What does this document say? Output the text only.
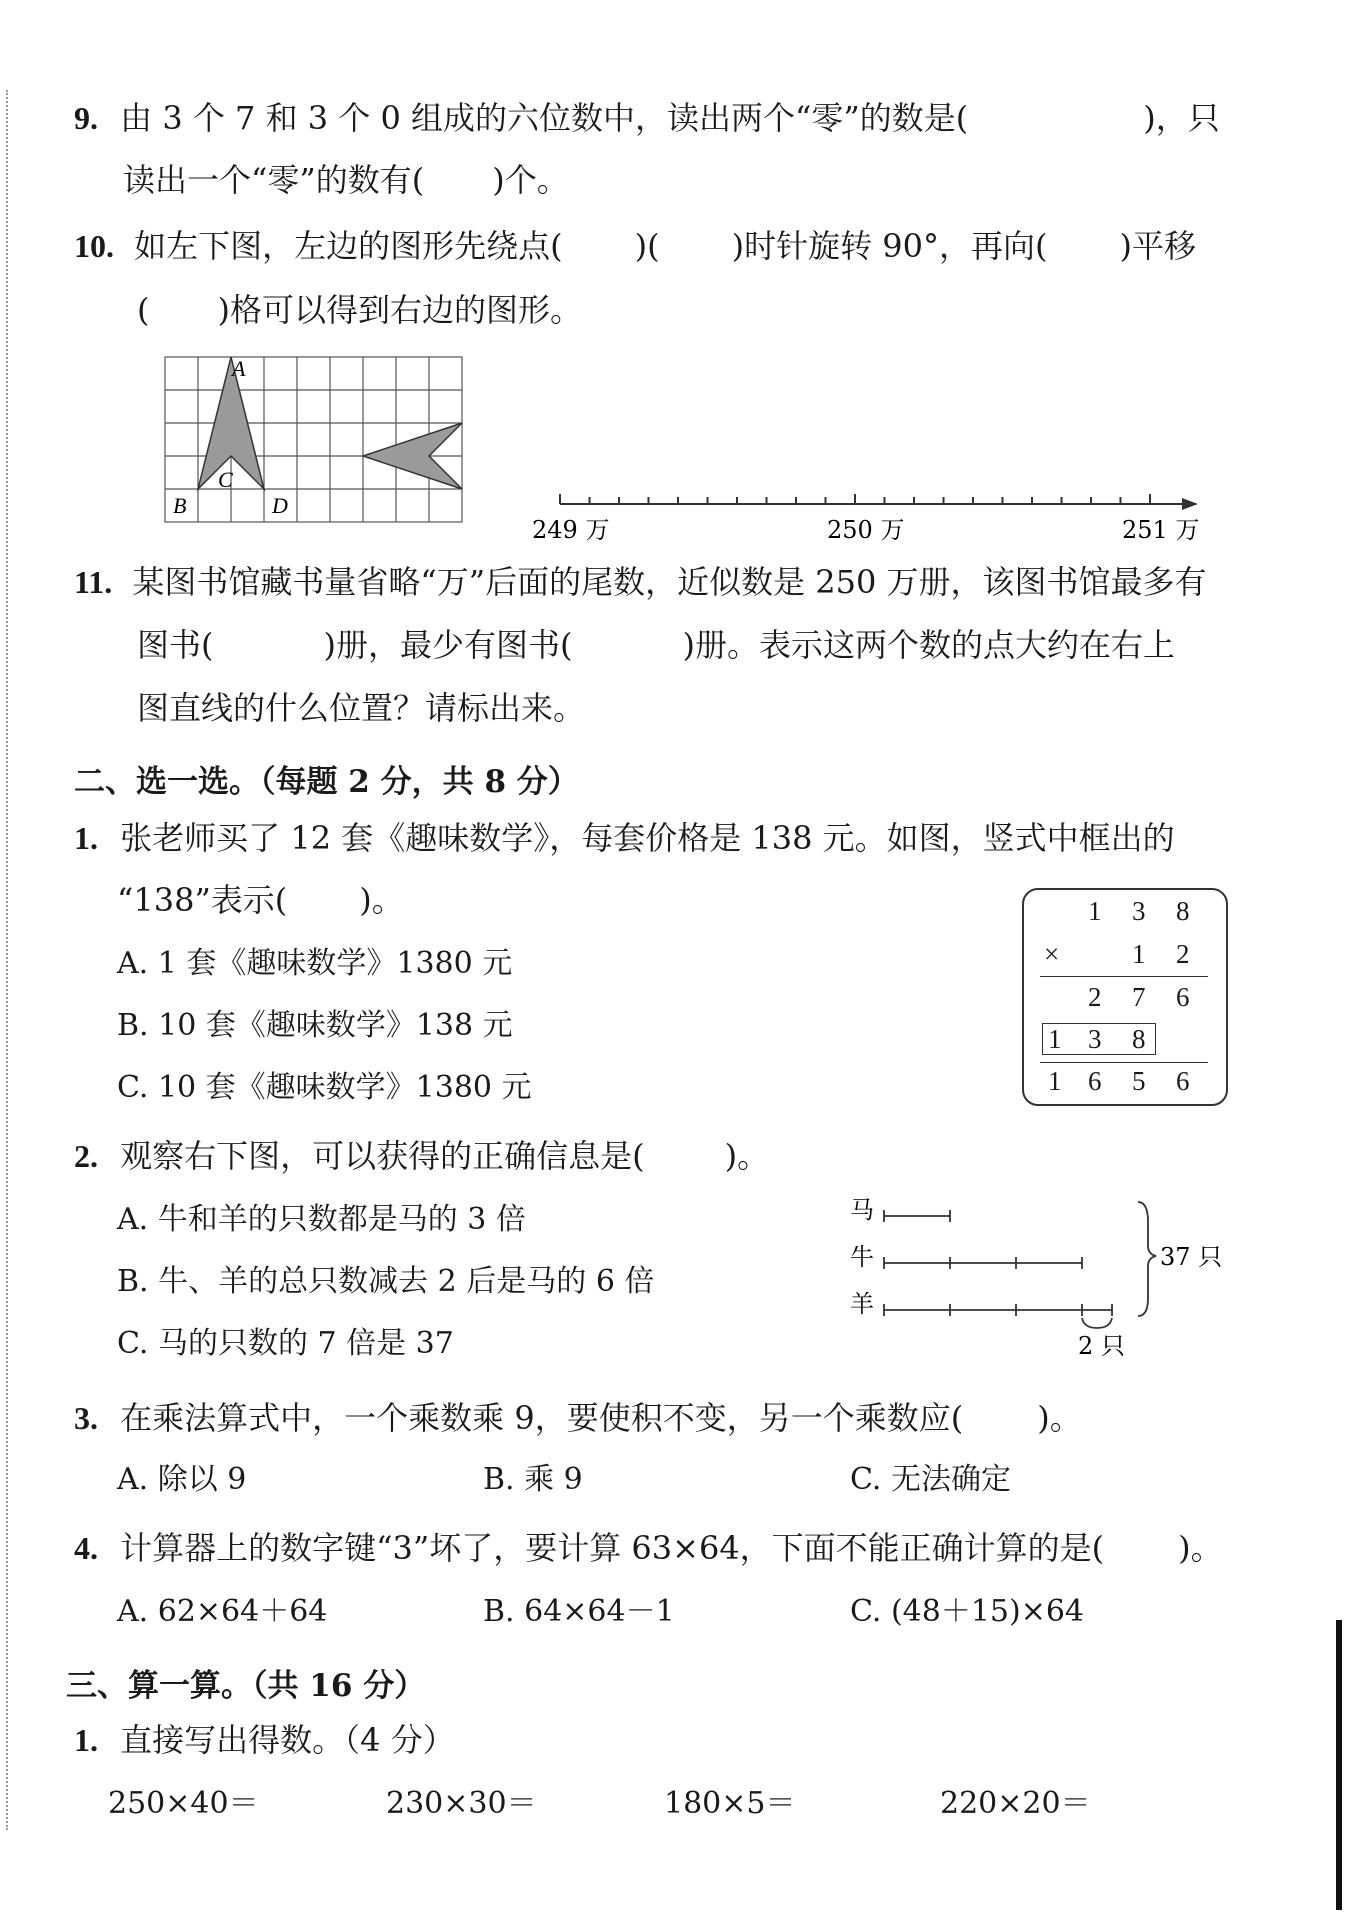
9. 由 3 个 7 和 3 个 0 组成的六位数中，读出两个“零”的数是(	)，只
读出一个“零”的数有( )个。
10. 如左下图，左边的图形先绕点( )( )时针旋转 90°，再向( )平移
( )格可以得到右边的图形。
A
B
C
D
249 万	250 万	251 万
11. 某图书馆藏书量省略“万”后面的尾数，近似数是 250 万册，该图书馆最多有
图书(	)册，最少有图书(	)册。表示这两个数的点大约在右上
图直线的什么位置？请标出来。
二、选一选。（每题 2 分，共 8 分）
1. 张老师买了 12 套《趣味数学》，每套价格是 138 元。如图，竖式中框出的
“138”表示( )。
A. 1 套《趣味数学》1380 元
B. 10 套《趣味数学》138 元
C. 10 套《趣味数学》1380 元
1 3 8
×	1 2
2 7 6
1 3 8
1 6 5 6
2. 观察右下图，可以获得的正确信息是(	)。
A. 牛和羊的只数都是马的 3 倍
B. 牛、羊的总只数减去 2 后是马的 6 倍
C. 马的只数的 7 倍是 37
马
牛
羊
37 只
2 只
3. 在乘法算式中，一个乘数乘 9，要使积不变，另一个乘数应( )。
A. 除以 9	B. 乘 9	C. 无法确定
4. 计算器上的数字键“3”坏了，要计算 63×64，下面不能正确计算的是( )。
A. 62×64＋64	B. 64×64－1	C. (48＋15)×64
三、算一算。（共 16 分）
1. 直接写出得数。（4 分）
250×40＝	230×30＝	180×5＝	220×20＝
